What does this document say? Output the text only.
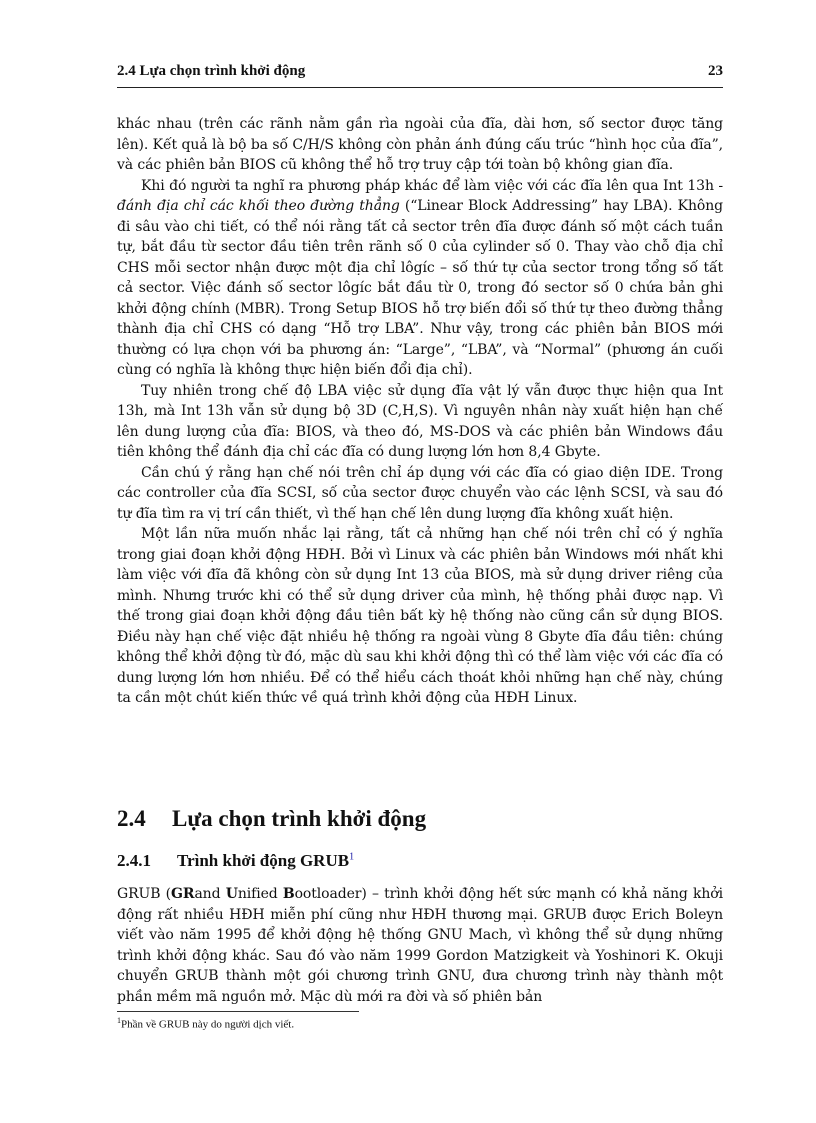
2.4 Lựa chọn trình khởi động	23

khác nhau (trên các rãnh nằm gần rìa ngoài của đĩa, dài hơn, số sector được tăng lên). Kết quả là bộ ba số C/H/S không còn phản ánh đúng cấu trúc “hình học của đĩa”, và các phiên bản BIOS cũ không thể hỗ trợ truy cập tới toàn bộ không gian đĩa.

Khi đó người ta nghĩ ra phương pháp khác để làm việc với các đĩa lên qua Int 13h - đánh địa chỉ các khối theo đường thẳng (“Linear Block Addressing” hay LBA). Không đi sâu vào chi tiết, có thể nói rằng tất cả sector trên đĩa được đánh số một cách tuần tự, bắt đầu từ sector đầu tiên trên rãnh số 0 của cylinder số 0. Thay vào chỗ địa chỉ CHS mỗi sector nhận được một địa chỉ lôgíc – số thứ tự của sector trong tổng số tất cả sector. Việc đánh số sector lôgíc bắt đầu từ 0, trong đó sector số 0 chứa bản ghi khởi động chính (MBR). Trong Setup BIOS hỗ trợ biến đổi số thứ tự theo đường thẳng thành địa chỉ CHS có dạng “Hỗ trợ LBA”. Như vậy, trong các phiên bản BIOS mới thường có lựa chọn với ba phương án: “Large”, “LBA”, và “Normal” (phương án cuối cùng có nghĩa là không thực hiện biến đổi địa chỉ).

Tuy nhiên trong chế độ LBA việc sử dụng đĩa vật lý vẫn được thực hiện qua Int 13h, mà Int 13h vẫn sử dụng bộ 3D (C,H,S). Vì nguyên nhân này xuất hiện hạn chế lên dung lượng của đĩa: BIOS, và theo đó, MS-DOS và các phiên bản Windows đầu tiên không thể đánh địa chỉ các đĩa có dung lượng lớn hơn 8,4 Gbyte.

Cần chú ý rằng hạn chế nói trên chỉ áp dụng với các đĩa có giao diện IDE. Trong các controller của đĩa SCSI, số của sector được chuyển vào các lệnh SCSI, và sau đó tự đĩa tìm ra vị trí cần thiết, vì thế hạn chế lên dung lượng đĩa không xuất hiện.

Một lần nữa muốn nhắc lại rằng, tất cả những hạn chế nói trên chỉ có ý nghĩa trong giai đoạn khởi động HĐH. Bởi vì Linux và các phiên bản Windows mới nhất khi làm việc với đĩa đã không còn sử dụng Int 13 của BIOS, mà sử dụng driver riêng của mình. Nhưng trước khi có thể sử dụng driver của mình, hệ thống phải được nạp. Vì thế trong giai đoạn khởi động đầu tiên bất kỳ hệ thống nào cũng cần sử dụng BIOS. Điều này hạn chế việc đặt nhiều hệ thống ra ngoài vùng 8 Gbyte đĩa đầu tiên: chúng không thể khởi động từ đó, mặc dù sau khi khởi động thì có thể làm việc với các đĩa có dung lượng lớn hơn nhiều. Để có thể hiểu cách thoát khỏi những hạn chế này, chúng ta cần một chút kiến thức về quá trình khởi động của HĐH Linux.

2.4 Lựa chọn trình khởi động
2.4.1 Trình khởi động GRUB$^1$

GRUB (GRand Unified Bootloader) – trình khởi động hết sức mạnh có khả năng khởi động rất nhiều HĐH miễn phí cũng như HĐH thương mại. GRUB được Erich Boleyn viết vào năm 1995 để khởi động hệ thống GNU Mach, vì không thể sử dụng những trình khởi động khác. Sau đó vào năm 1999 Gordon Matzigkeit và Yoshinori K. Okuji chuyển GRUB thành một gói chương trình GNU, đưa chương trình này thành một phần mềm mã nguồn mở. Mặc dù mới ra đời và số phiên bản

$^1$Phần về GRUB này do người dịch viết.
